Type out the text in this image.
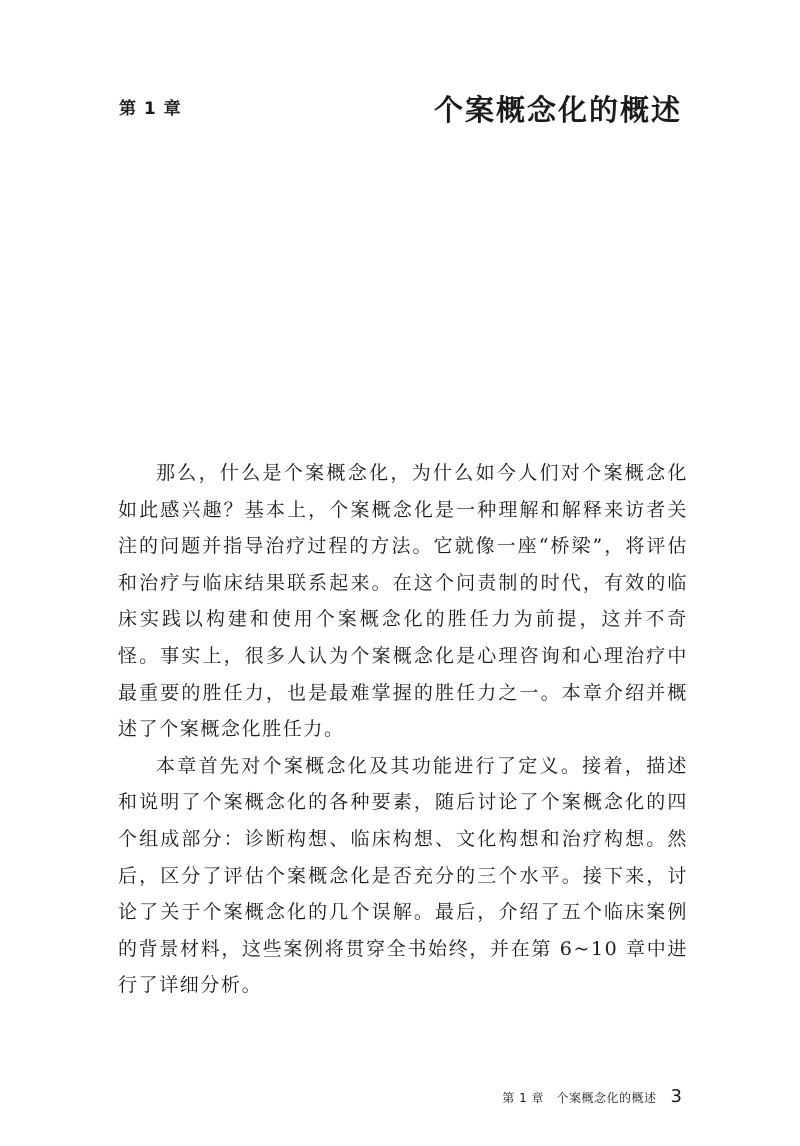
第 1 章	个案概念化的概述

那么，什么是个案概念化，为什么如今人们对个案概念化如此感兴趣？基本上，个案概念化是一种理解和解释来访者关注的问题并指导治疗过程的方法。它就像一座“桥梁”，将评估和治疗与临床结果联系起来。在这个问责制的时代，有效的临床实践以构建和使用个案概念化的胜任力为前提，这并不奇怪。事实上，很多人认为个案概念化是心理咨询和心理治疗中最重要的胜任力，也是最难掌握的胜任力之一。本章介绍并概述了个案概念化胜任力。

本章首先对个案概念化及其功能进行了定义。接着，描述和说明了个案概念化的各种要素，随后讨论了个案概念化的四个组成部分：诊断构想、临床构想、文化构想和治疗构想。然后，区分了评估个案概念化是否充分的三个水平。接下来，讨论了关于个案概念化的几个误解。最后，介绍了五个临床案例的背景材料，这些案例将贯穿全书始终，并在第 6~10 章中进行了详细分析。

第 1 章　个案概念化的概述 3
